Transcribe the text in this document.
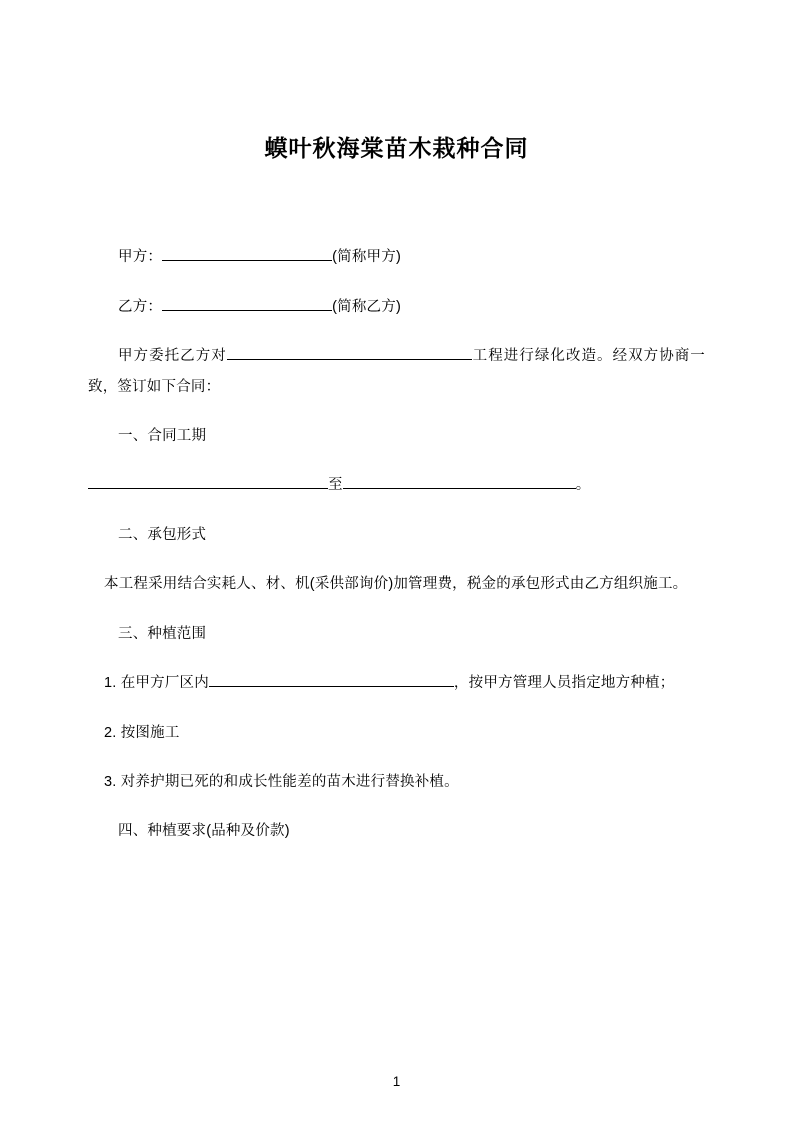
蟆叶秋海棠苗木栽种合同

甲方：	(简称甲方)

乙方：	(简称乙方)

甲方委托乙方对	工程进行绿化改造。经双方协商一致，签订如下合同：

一、合同工期

至	。

二、承包形式

本工程采用结合实耗人、材、机(采供部询价)加管理费，税金的承包形式由乙方组织施工。

三、种植范围

1. 在甲方厂区内	，按甲方管理人员指定地方种植；

2. 按图施工

3. 对养护期已死的和成长性能差的苗木进行替换补植。

四、种植要求(品种及价款)

1
